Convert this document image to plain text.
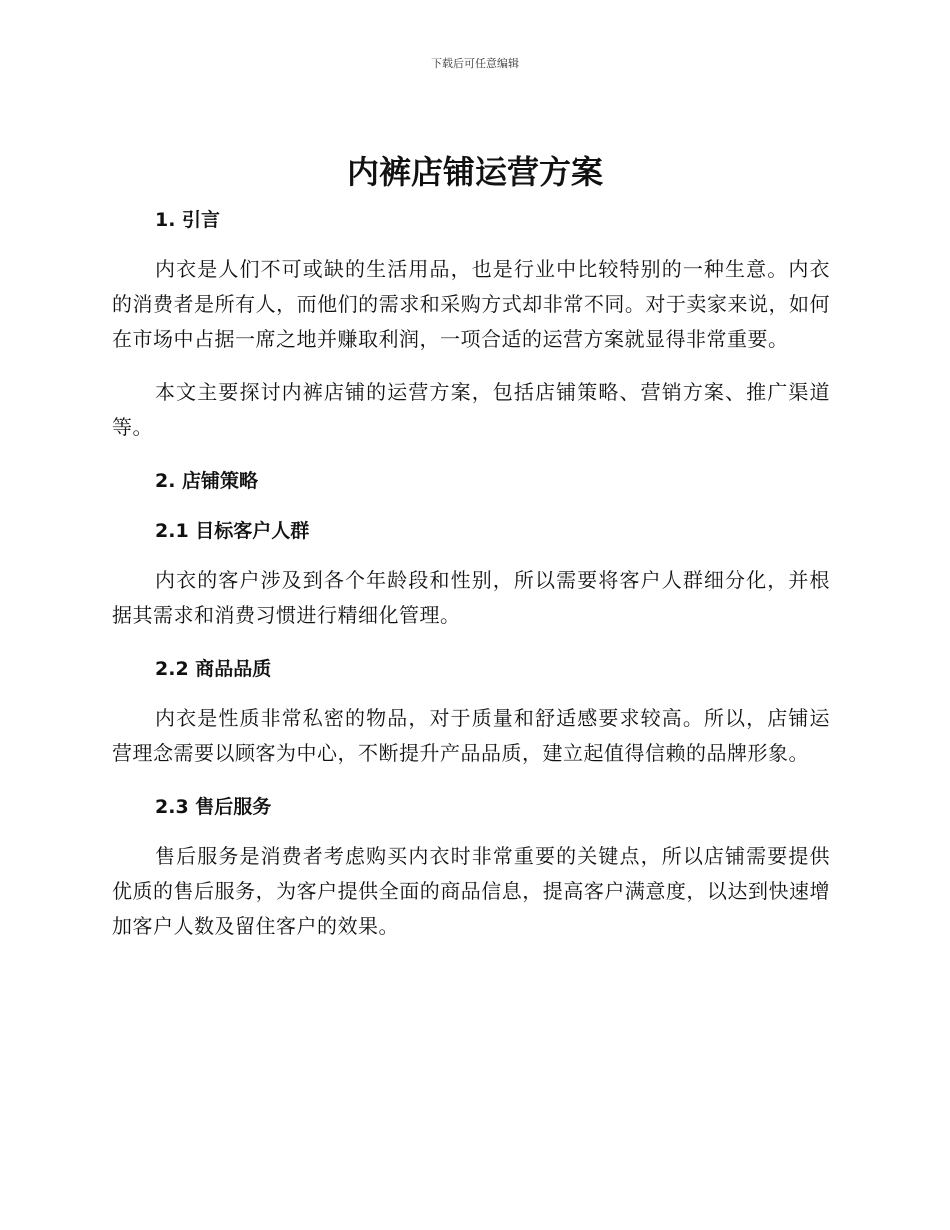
下载后可任意编辑
内裤店铺运营方案
1. 引言

内衣是人们不可或缺的生活用品，也是行业中比较特别的一种生意。内衣的消费者是所有人，而他们的需求和采购方式却非常不同。对于卖家来说，如何在市场中占据一席之地并赚取利润，一项合适的运营方案就显得非常重要。

本文主要探讨内裤店铺的运营方案，包括店铺策略、营销方案、推广渠道等。

2. 店铺策略
2.1 目标客户人群

内衣的客户涉及到各个年龄段和性别，所以需要将客户人群细分化，并根据其需求和消费习惯进行精细化管理。

2.2 商品品质

内衣是性质非常私密的物品，对于质量和舒适感要求较高。所以，店铺运营理念需要以顾客为中心，不断提升产品品质，建立起值得信赖的品牌形象。

2.3 售后服务

售后服务是消费者考虑购买内衣时非常重要的关键点，所以店铺需要提供优质的售后服务，为客户提供全面的商品信息，提高客户满意度，以达到快速增加客户人数及留住客户的效果。
